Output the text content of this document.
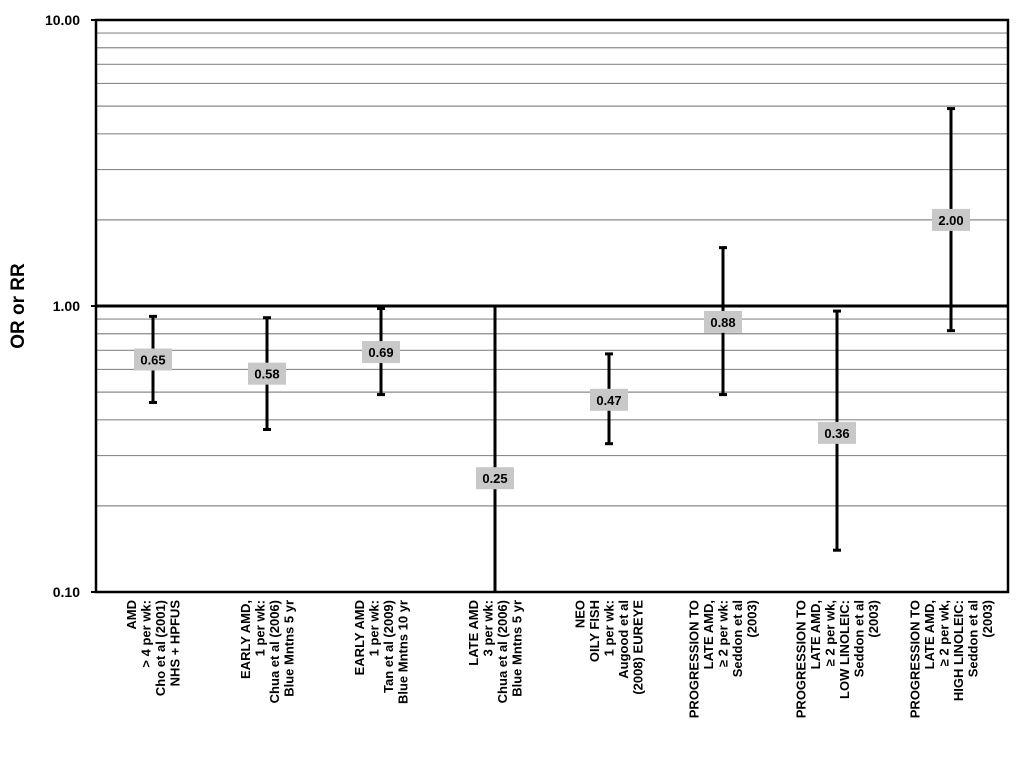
0.10
1.00
10.00
OR or RR
0.65
0.58
0.69
0.25
0.47
0.88
0.36
2.00
AMD > 4 per wk: Cho et al (2001) NHS + HPFUS	EARLY AMD, 1 per wk: Chua et al (2006) Blue Mntns 5 yr	EARLY AMD 1 per wk: Tan et al (2009) Blue Mntns 10 yr	LATE AMD 3 per wk: Chua et al (2006) Blue Mntns 5 yr	NEO OILY FISH 1 per wk: Augood et al (2008) EUREYE	PROGRESSION TO LATE AMD, ≥ 2 per wk: Seddon et al (2003)	PROGRESSION TO LATE AMD, ≥ 2 per wk, LOW LINOLEIC: Seddon et al (2003) PROGRESSION TO LATE AMD, ≥ 2 per wk, HIGH LINOLEIC: Seddon et al (2003)
